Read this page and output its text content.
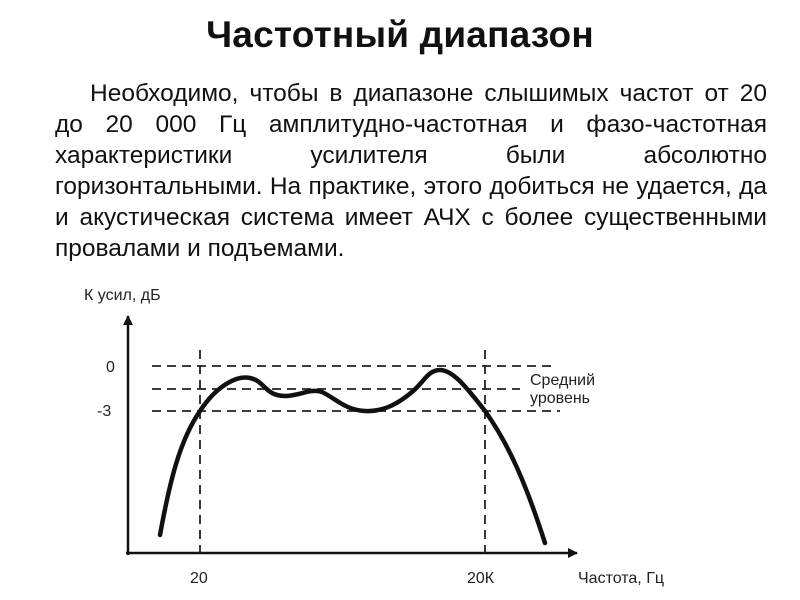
Частотный диапазон
Необходимо, чтобы в диапазоне слышимых частот от 20 до 20 000 Гц амплитудно-частотная и фазо-частотная характеристики усилителя были абсолютно горизонтальными. На практике, этого добиться не удается, да и акустическая система имеет АЧХ с более существенными провалами и подъемами.
К усил, дБ
Частота, Гц
0
-3
20	20К
Средний
уровень
